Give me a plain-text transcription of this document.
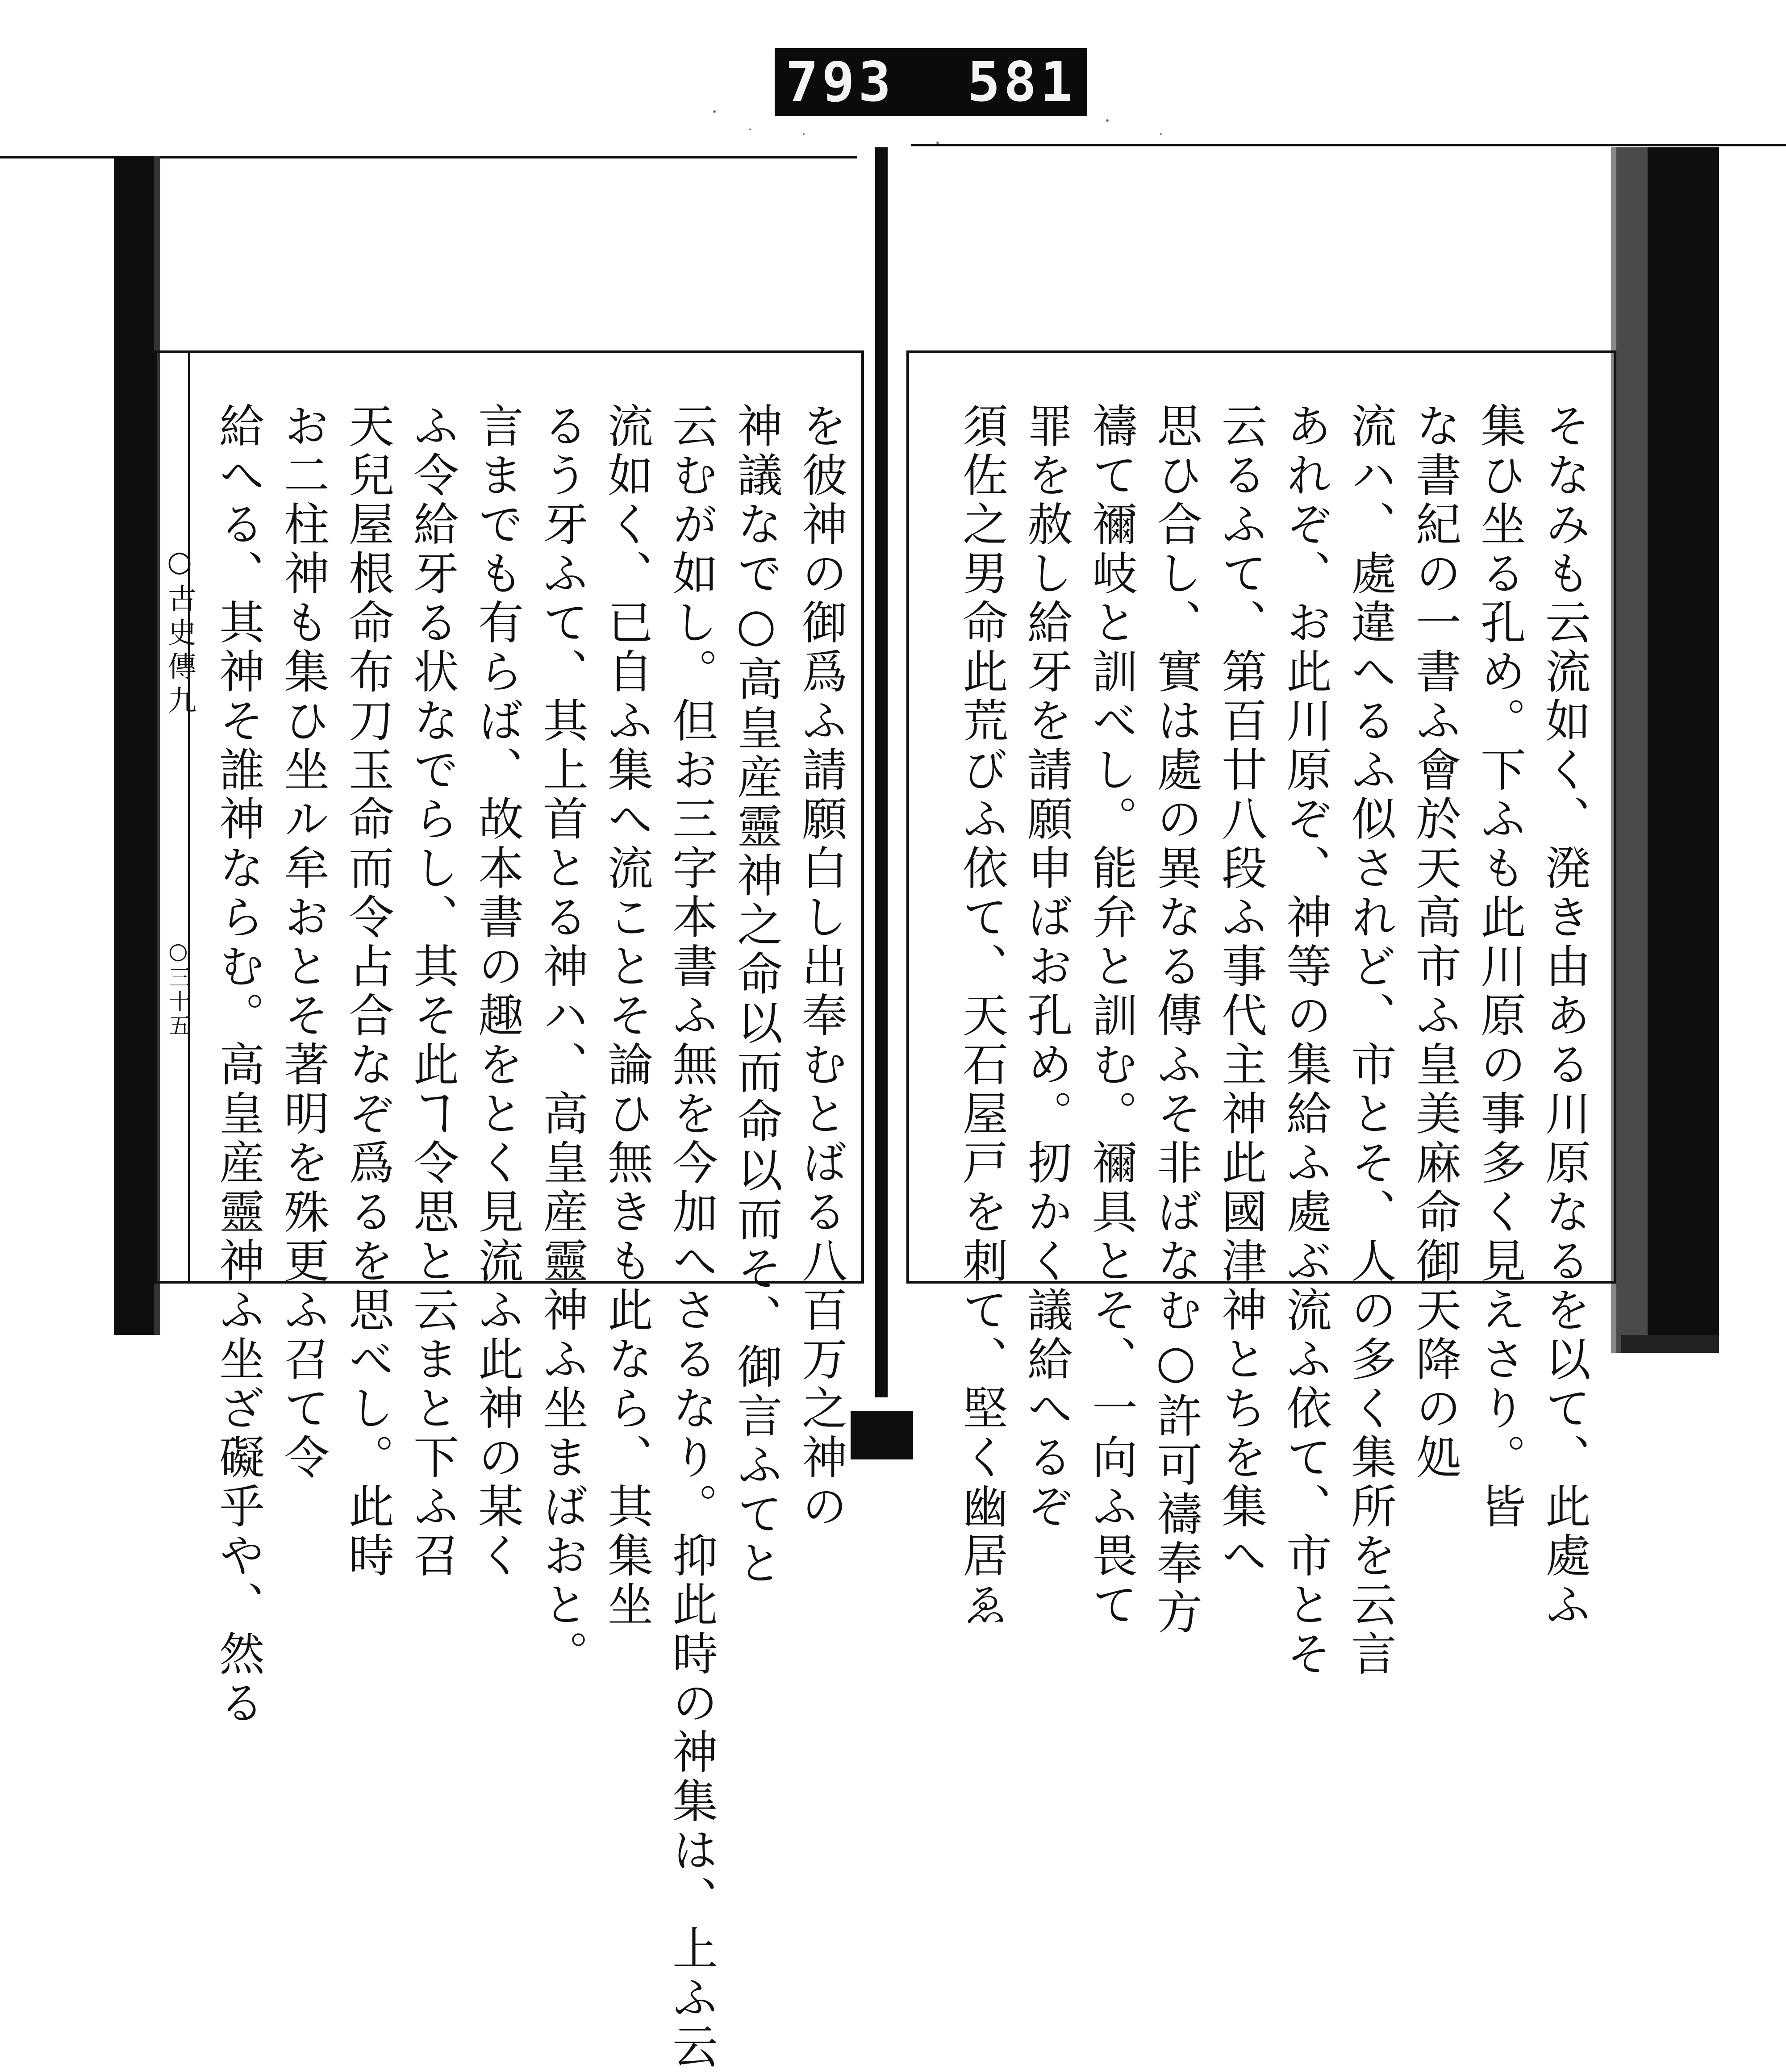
793 581
そなみも云流如く、溌き由ある川原なるを以て、此處ふ
集ひ坐る孔め。下ふも此川原の事多く見えさり。皆
な書紀の一書ふ會於天高市ふ皇美麻命御天降の処
流ハ、處違へるふ似されど、市とそ、人の多く集所を云言
あれぞ、お此川原ぞ、神等の集給ふ處ぶ流ふ依て、市とそ
云るふて、第百廿八段ふ事代主神此國津神とちを集へ
思ひ合し、實は處の異なる傳ふそ非ばなむ○許可禱奉方
禱て禰岐と訓べし。能弁と訓む。禰具とそ、一向ふ畏て
罪を赦し給牙を請願申ばお孔め。扨かく議給へるぞ
須佐之男命此荒びふ依て、天石屋戸を刺て、堅く幽居ゑ
を彼神の御爲ふ請願白し出奉むとばる八百万之神の
神議なで○高皇産靈神之命以而命以而そ、御言ふてと
云むが如し。但お三字本書ふ無を今加へさるなり。抑此時の神集は、上ふ云
流如く、已自ふ集へ流ことそ論ひ無きも此なら、其集坐
るう牙ふて、其上首とる神ハ、高皇産靈神ふ坐まばおと。
言までも有らば、故本書の趣をとく見流ふ此神の某く
ふ令給牙る状なでらし、其そ此ヿ令思と云まと下ふ召
天兒屋根命布刀玉命而令占合なぞ爲るを思べし。此時
お二柱神も集ひ坐ル牟おとそ著明を殊更ふ召て令
給へる、其神そ誰神ならむ。高皇産靈神ふ坐ざ礙乎や、然る
○古史傳九
○三十五
